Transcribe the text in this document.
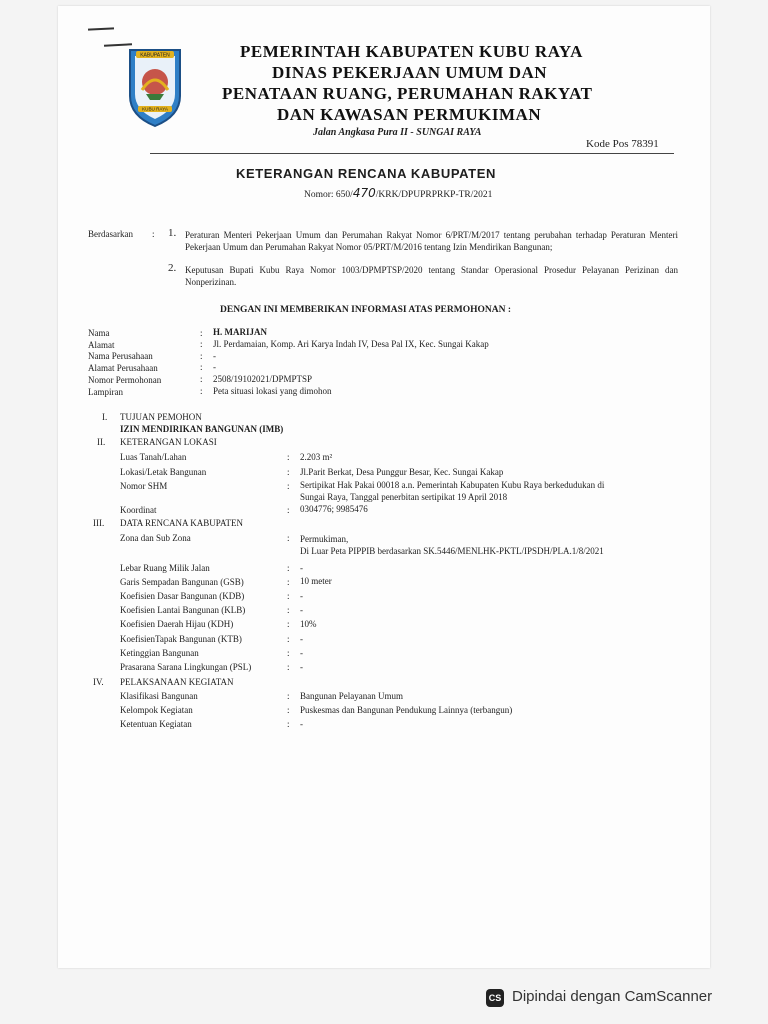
KABUPATEN
KUBU RAYA
PEMERINTAH KABUPATEN KUBU RAYA
DINAS PEKERJAAN UMUM DAN
PENATAAN RUANG, PERUMAHAN RAKYAT
DAN KAWASAN PERMUKIMAN
Jalan Angkasa Pura II - SUNGAI RAYA
Kode Pos 78391
KETERANGAN RENCANA KABUPATEN
Nomor: 650/470/KRK/DPUPRPRKP-TR/2021
Berdasarkan : 1. Peraturan Menteri Pekerjaan Umum dan Perumahan Rakyat Nomor 6/PRT/M/2017 tentang perubahan terhadap Peraturan Menteri Pekerjaan Umum dan Perumahan Rakyat Nomor 05/PRT/M/2016 tentang Izin Mendirikan Bangunan;
2. Keputusan Bupati Kubu Raya Nomor 1003/DPMPTSP/2020 tentang Standar Operasional Prosedur Pelayanan Perizinan dan Nonperizinan.
DENGAN INI MEMBERIKAN INFORMASI ATAS PERMOHONAN :
Nama	: H. MARIJAN
Alamat	: Jl. Perdamaian, Komp. Ari Karya Indah IV, Desa Pal IX, Kec. Sungai Kakap
Nama Perusahaan	: -
Alamat Perusahaan	: -
Nomor Permohonan	: 2508/19102021/DPMPTSP
Lampiran	: Peta situasi lokasi yang dimohon
I. TUJUAN PEMOHON
IZIN MENDIRIKAN BANGUNAN (IMB)
II. KETERANGAN LOKASI
Luas Tanah/Lahan	: 2.203 m²
Lokasi/Letak Bangunan	: Jl.Parit Berkat, Desa Punggur Besar, Kec. Sungai Kakap
Nomor SHM	: Sertipikat Hak Pakai 00018 a.n. Pemerintah Kabupaten Kubu Raya berkedudukan di
Sungai Raya, Tanggal penerbitan sertipikat 19 April 2018
Koordinat	: 0304776; 9985476
III. DATA RENCANA KABUPATEN
Zona dan Sub Zona	: Permukiman,
Di Luar Peta PIPPIB berdasarkan SK.5446/MENLHK-PKTL/IPSDH/PLA.1/8/2021
Lebar Ruang Milik Jalan	: -
Garis Sempadan Bangunan (GSB)	: 10 meter
Koefisien Dasar Bangunan (KDB)	: -
Koefisien Lantai Bangunan (KLB)	: -
Koefisien Daerah Hijau (KDH)	: 10%
KoefisienTapak Bangunan (KTB)	: -
Ketinggian Bangunan	: -
Prasarana Sarana Lingkungan (PSL)	: -
IV. PELAKSANAAN KEGIATAN
Klasifikasi Bangunan	: Bangunan Pelayanan Umum
Kelompok Kegiatan	: Puskesmas dan Bangunan Pendukung Lainnya (terbangun)
Ketentuan Kegiatan	: -
CS Dipindai dengan CamScanner
